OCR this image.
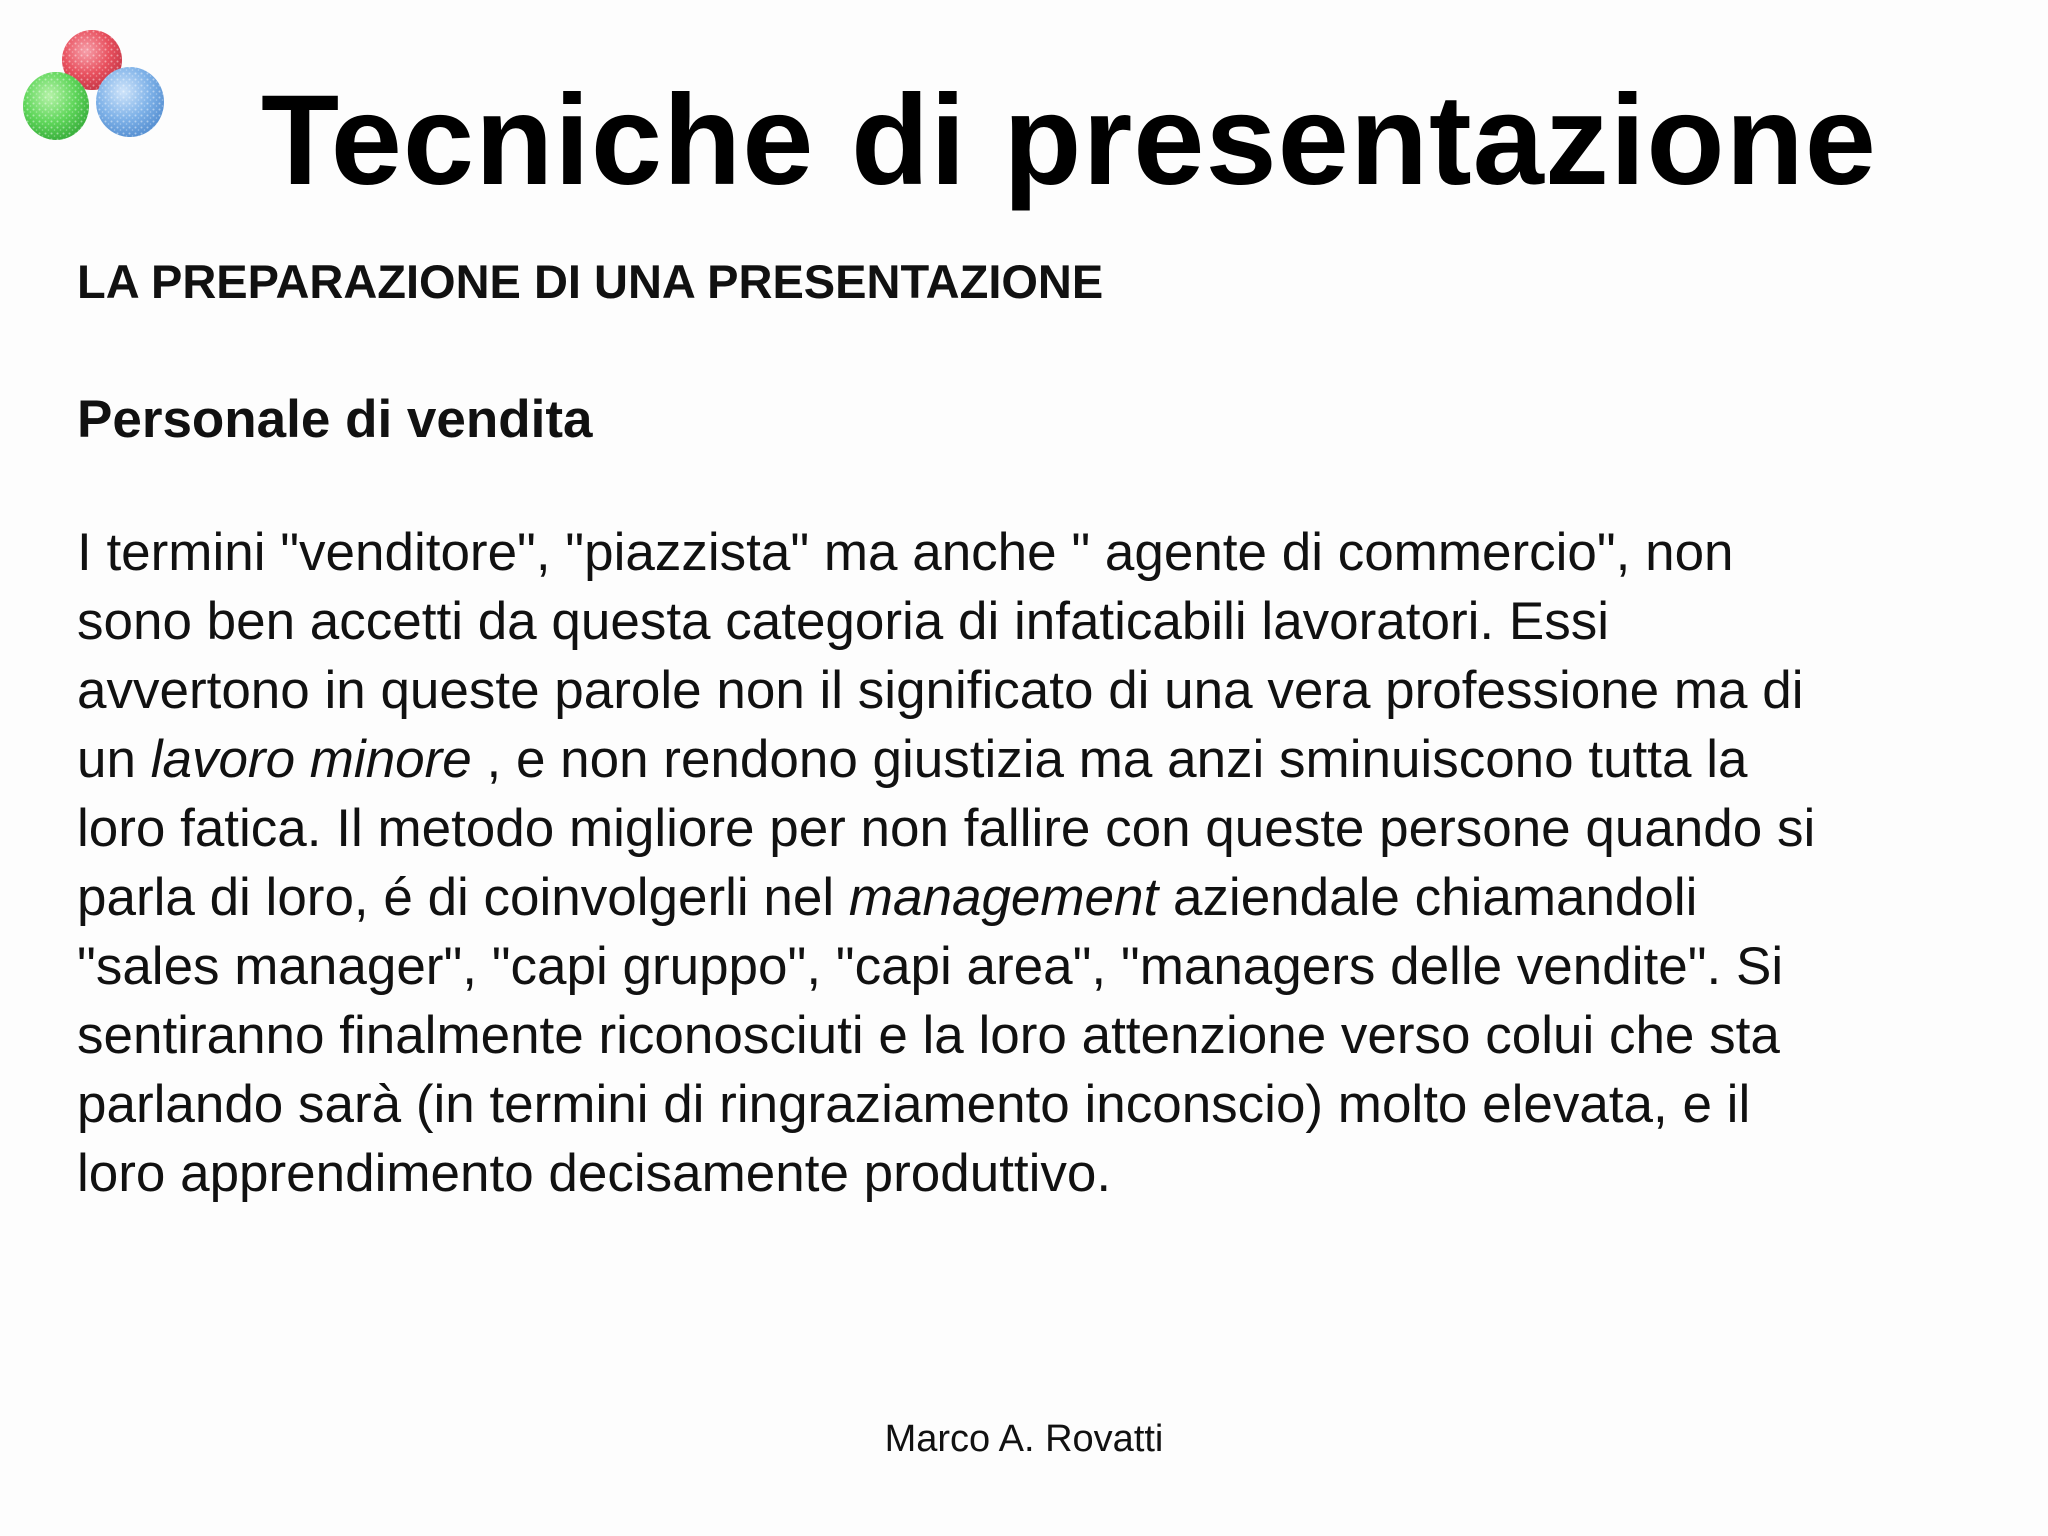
Tecniche di presentazione
LA PREPARAZIONE DI UNA PRESENTAZIONE
Personale di vendita
I termini "venditore", "piazzista" ma anche " agente di commercio", non
sono ben accetti da questa categoria di infaticabili lavoratori. Essi
avvertono in queste parole non il significato di una vera professione ma di
un lavoro minore , e non rendono giustizia ma anzi sminuiscono tutta la
loro fatica. Il metodo migliore per non fallire con queste persone quando si
parla di loro, é di coinvolgerli nel management aziendale chiamandoli
"sales manager", "capi gruppo", "capi area", "managers delle vendite". Si
sentiranno finalmente riconosciuti e la loro attenzione verso colui che sta
parlando sarà (in termini di ringraziamento inconscio) molto elevata, e il
loro apprendimento decisamente produttivo.
Marco A. Rovatti
